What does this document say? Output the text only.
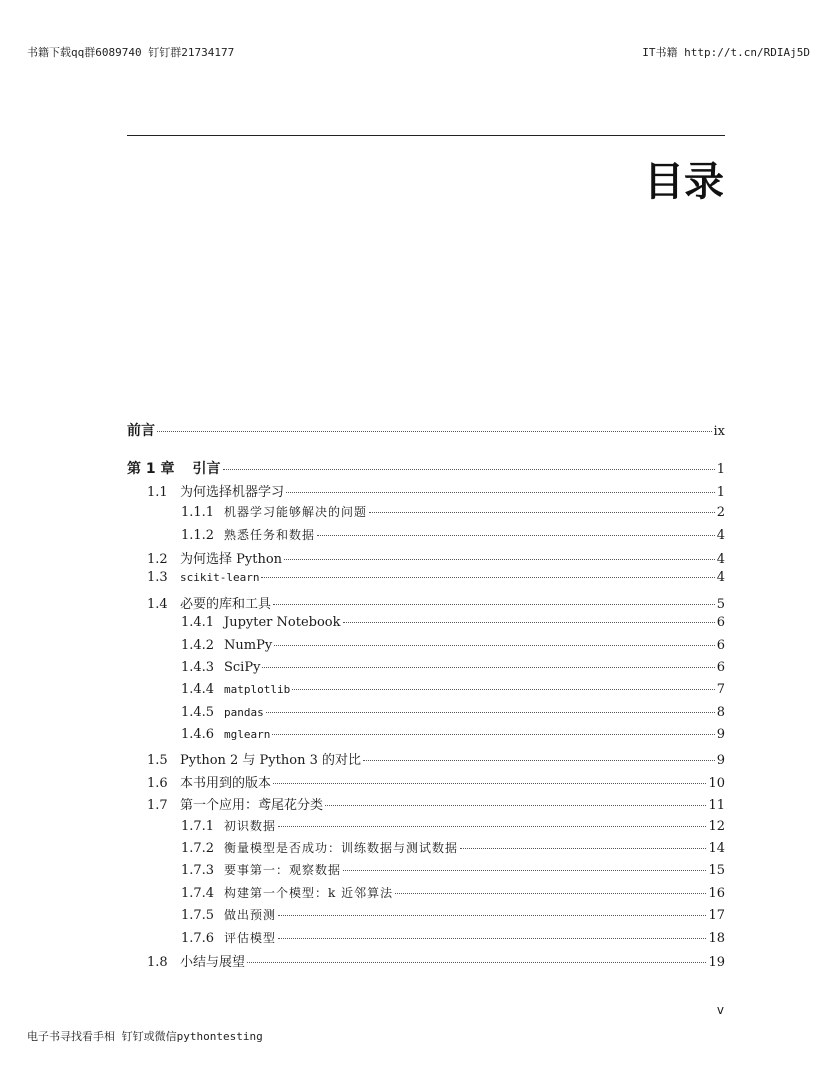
书籍下载qq群6089740 钉钉群21734177	IT书籍 http://t.cn/RDIAj5D
目录
前言	ix
第 1 章 引言	1
1.1 为何选择机器学习	1
1.1.1 机器学习能够解决的问题	2
1.1.2 熟悉任务和数据	4
1.2 为何选择 Python	4
1.3	scikit-learn	4
1.4 必要的库和工具	5
1.4.1 Jupyter Notebook	6
1.4.2 NumPy	6
1.4.3 SciPy	6
1.4.4 matplotlib	7
1.4.5 pandas	8
1.4.6 mglearn	9
1.5 Python 2 与 Python 3 的对比	9
1.6 本书用到的版本	10
1.7 第一个应用：鸢尾花分类	11
1.7.1 初识数据	12
1.7.2 衡量模型是否成功：训练数据与测试数据	14
1.7.3 要事第一：观察数据	15
1.7.4 构建第一个模型：k 近邻算法	16
1.7.5 做出预测	17
1.7.6 评估模型	18
1.8 小结与展望	19
v
电子书寻找看手相 钉钉或微信pythontesting
